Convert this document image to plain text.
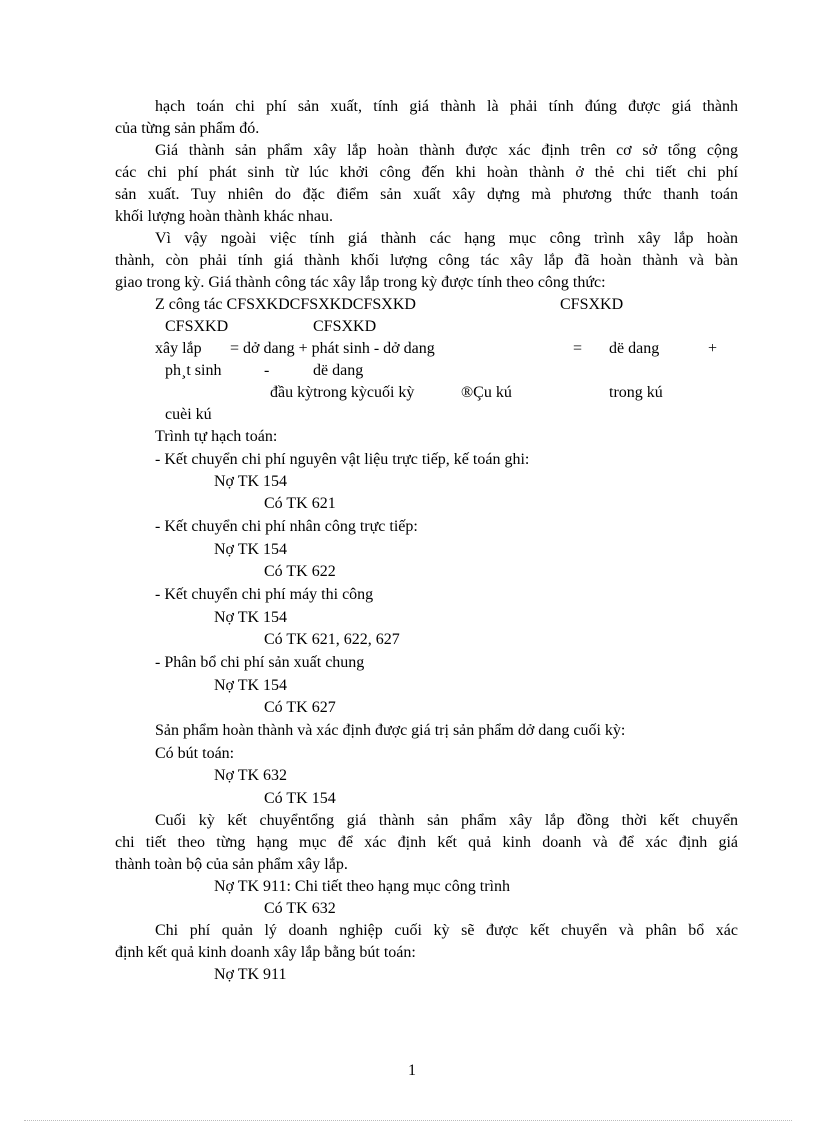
hạch toán chi phí sản xuất, tính giá thành là phải tính đúng được giá thành

của từng sản phẩm đó.

Giá thành sản phẩm xây lắp hoàn thành được xác định trên cơ sở tổng cộng

các chi phí phát sinh từ lúc khởi công đến khi hoàn thành ở thẻ chi tiết chi phí

sản xuất. Tuy nhiên do đặc điểm sản xuất xây dựng mà phương thức thanh toán

khối lượng hoàn thành khác nhau.

Vì vậy ngoài việc tính giá thành các hạng mục công trình xây lắp hoàn

thành, còn phải tính giá thành khối lượng công tác xây lắp đã hoàn thành và bàn

giao trong kỳ. Giá thành công tác xây lắp trong kỳ được tính theo công thức:

Z công tác CFSXKDCFSXKDCFSXKD	CFSXKD
CFSXKD	CFSXKD
xây lắp = dở dang + phát sinh - dở dang	= dë dang	+
ph¸t sinh	-	dë dang
đầu kỳtrong kỳcuối kỳ	®Çu kú	trong kú
cuèi kú

Trình tự hạch toán:

- Kết chuyển chi phí nguyên vật liệu trực tiếp, kế toán ghi:

Nợ TK 154

Có TK 621

- Kết chuyển chi phí nhân công trực tiếp:

Nợ TK 154

Có TK 622

- Kết chuyển chi phí máy thi công

Nợ TK 154

Có TK 621, 622, 627

- Phân bổ chi phí sản xuất chung

Nợ TK 154

Có TK 627

Sản phẩm hoàn thành và xác định được giá trị sản phẩm dở dang cuối kỳ:

Có bút toán:

Nợ TK 632

Có TK 154

Cuối kỳ kết chuyểntổng giá thành sản phẩm xây lắp đồng thời kết chuyển

chi tiết theo từng hạng mục để xác định kết quả kinh doanh và để xác định giá

thành toàn bộ của sản phẩm xây lắp.

Nợ TK 911: Chi tiết theo hạng mục công trình

Có TK 632

Chi phí quản lý doanh nghiệp cuối kỳ sẽ được kết chuyển và phân bổ xác

định kết quả kinh doanh xây lắp bằng bút toán:

Nợ TK 911

1
